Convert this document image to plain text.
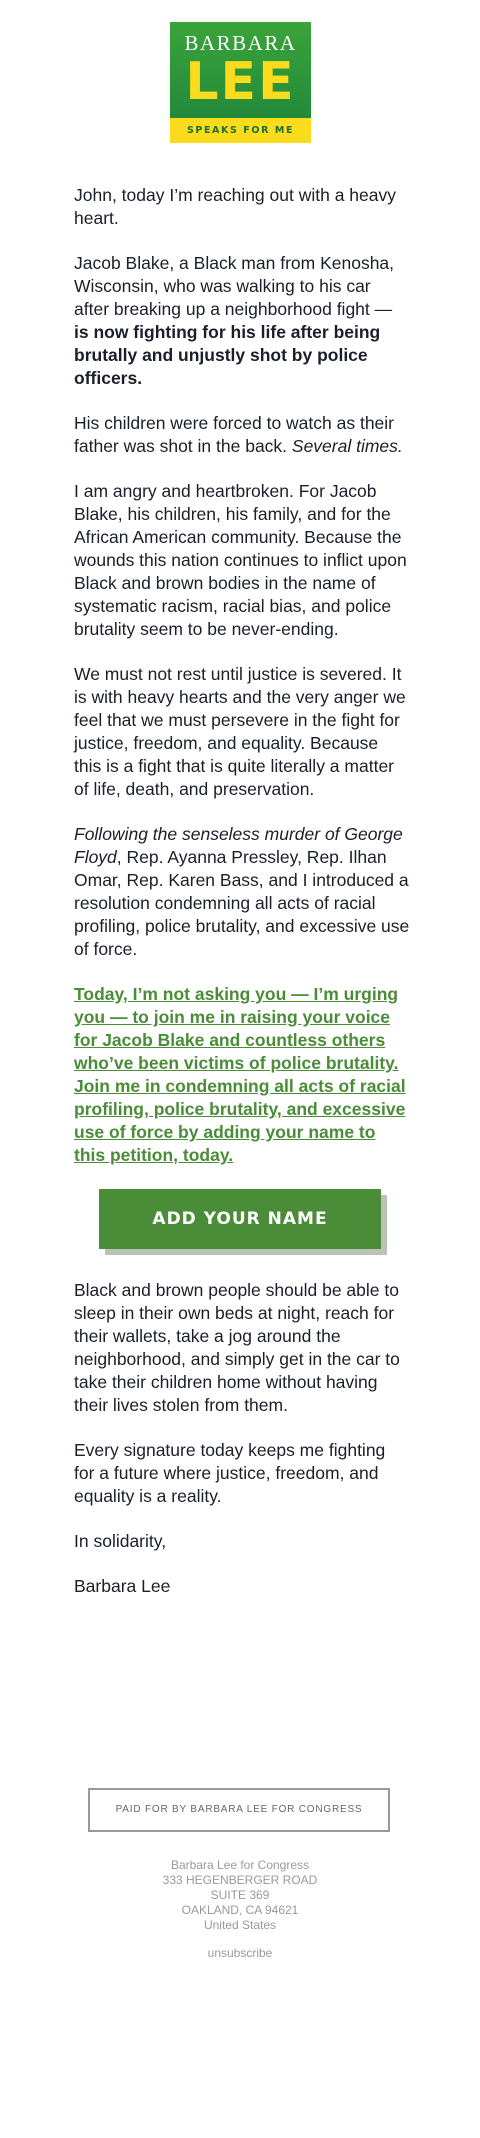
BARBARA
LEE
SPEAKS FOR ME

John, today I’m reaching out with a heavy heart.

Jacob Blake, a Black man from Kenosha, Wisconsin, who was walking to his car after breaking up a neighborhood fight — is now fighting for his life after being brutally and unjustly shot by police officers.

His children were forced to watch as their father was shot in the back. Several times.

I am angry and heartbroken. For Jacob Blake, his children, his family, and for the African American community. Because the wounds this nation continues to inflict upon Black and brown bodies in the name of systematic racism, racial bias, and police brutality seem to be never-ending.

We must not rest until justice is severed. It is with heavy hearts and the very anger we feel that we must persevere in the fight for justice, freedom, and equality. Because this is a fight that is quite literally a matter of life, death, and preservation.

Following the senseless murder of George Floyd, Rep. Ayanna Pressley, Rep. Ilhan Omar, Rep. Karen Bass, and I introduced a resolution condemning all acts of racial profiling, police brutality, and excessive use of force.

Today, I’m not asking you — I’m urging you — to join me in raising your voice for Jacob Blake and countless others who’ve been victims of police brutality. Join me in condemning all acts of racial profiling, police brutality, and excessive use of force by adding your name to this petition, today.

ADD YOUR NAME

Black and brown people should be able to sleep in their own beds at night, reach for their wallets, take a jog around the neighborhood, and simply get in the car to take their children home without having their lives stolen from them.

Every signature today keeps me fighting for a future where justice, freedom, and equality is a reality.

In solidarity,

Barbara Lee

PAID FOR BY BARBARA LEE FOR CONGRESS
Barbara Lee for Congress
333 HEGENBERGER ROAD
SUITE 369
OAKLAND, CA 94621
United States
unsubscribe
